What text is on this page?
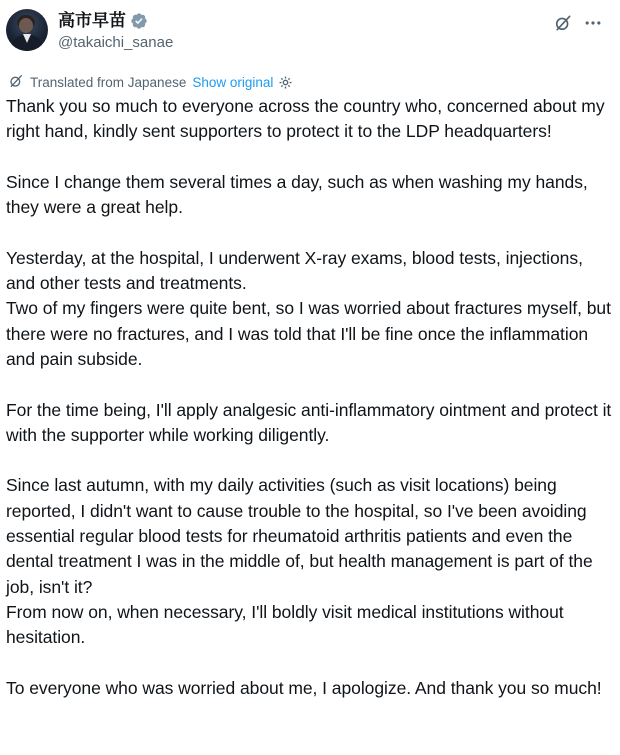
高市早苗
@takaichi_sanae
Translated from Japanese Show original

Thank you so much to everyone across the country who, concerned about my right hand, kindly sent supporters to protect it to the LDP headquarters!

Since I change them several times a day, such as when washing my hands, they were a great help.

Yesterday, at the hospital, I underwent X-ray exams, blood tests, injections, and other tests and treatments.
Two of my fingers were quite bent, so I was worried about fractures myself, but there were no fractures, and I was told that I'll be fine once the inflammation and pain subside.

For the time being, I'll apply analgesic anti-inflammatory ointment and protect it with the supporter while working diligently.

Since last autumn, with my daily activities (such as visit locations) being reported, I didn't want to cause trouble to the hospital, so I've been avoiding essential regular blood tests for rheumatoid arthritis patients and even the dental treatment I was in the middle of, but health management is part of the job, isn't it?
From now on, when necessary, I'll boldly visit medical institutions without hesitation.

To everyone who was worried about me, I apologize. And thank you so much!
